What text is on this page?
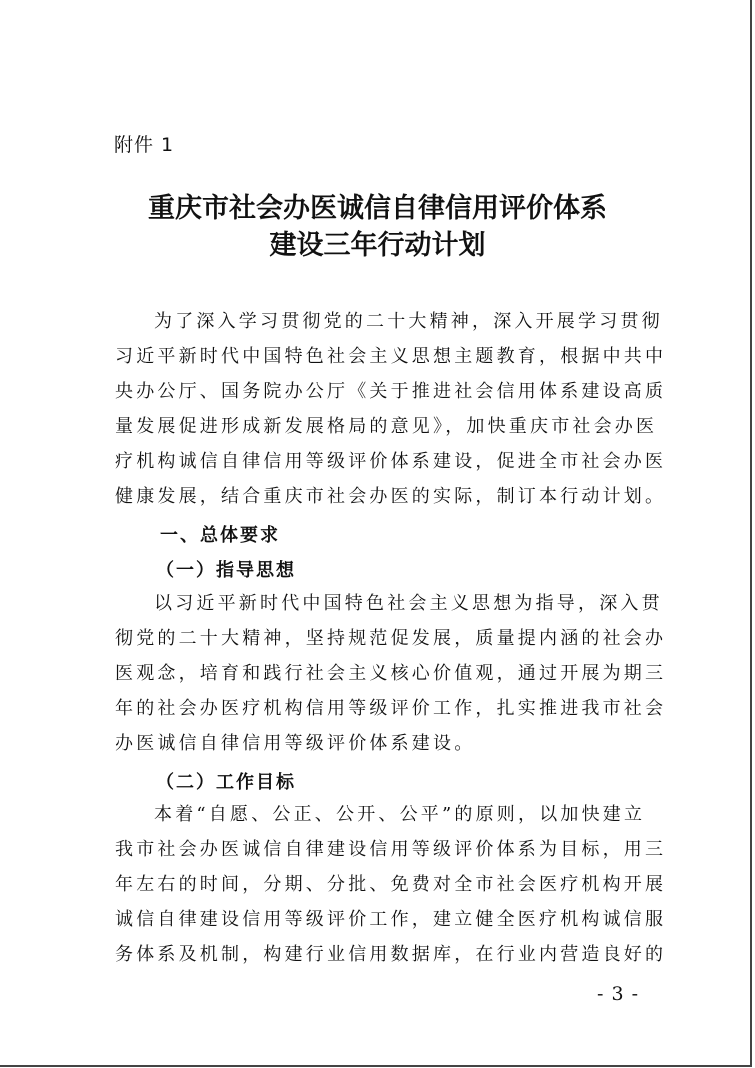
附件 1
重庆市社会办医诚信自律信用评价体系
建设三年行动计划
为了深入学习贯彻党的二十大精神，深入开展学习贯彻
习近平新时代中国特色社会主义思想主题教育，根据中共中
央办公厅、国务院办公厅《关于推进社会信用体系建设高质
量发展促进形成新发展格局的意见》，加快重庆市社会办医
疗机构诚信自律信用等级评价体系建设，促进全市社会办医
健康发展，结合重庆市社会办医的实际，制订本行动计划。
一、总体要求
（一）指导思想
以习近平新时代中国特色社会主义思想为指导，深入贯
彻党的二十大精神，坚持规范促发展，质量提内涵的社会办
医观念，培育和践行社会主义核心价值观，通过开展为期三
年的社会办医疗机构信用等级评价工作，扎实推进我市社会
办医诚信自律信用等级评价体系建设。
（二）工作目标
本着“自愿、公正、公开、公平”的原则，以加快建立
我市社会办医诚信自律建设信用等级评价体系为目标，用三
年左右的时间，分期、分批、免费对全市社会医疗机构开展
诚信自律建设信用等级评价工作，建立健全医疗机构诚信服
务体系及机制，构建行业信用数据库，在行业内营造良好的
- 3 -
